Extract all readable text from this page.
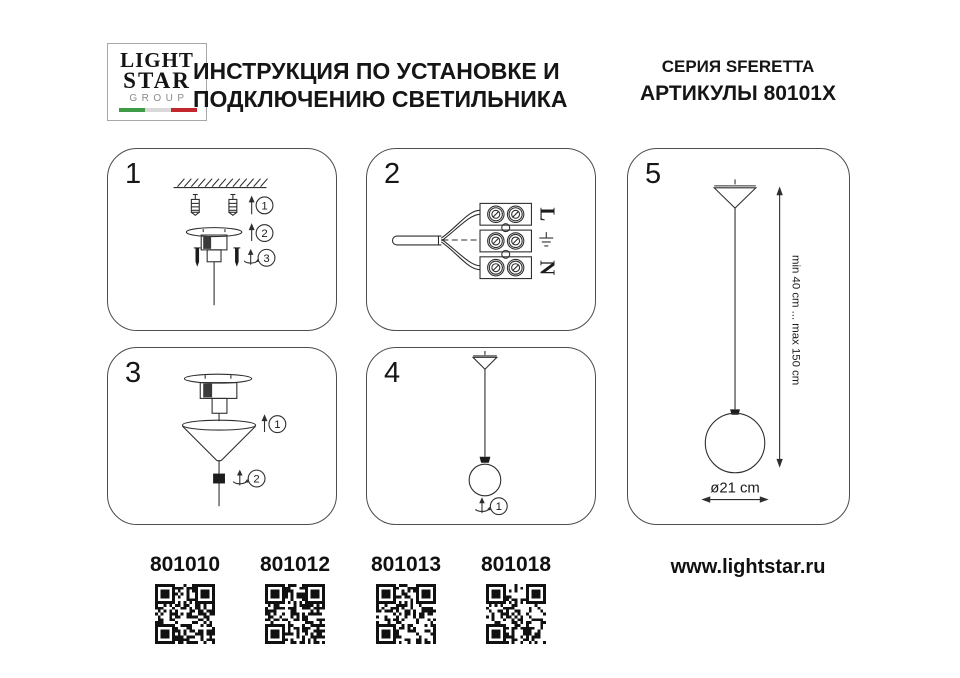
LIGHT
STAR
GROUP
ИНСТРУКЦИЯ ПО УСТАНОВКЕ И
ПОДКЛЮЧЕНИЮ СВЕТИЛЬНИКА
СЕРИЯ SFERETTA
АРТИКУЛЫ 80101X
1
1
2
3
2
L
N
3
1
2
4
1
5
min 40 cm ... max 150 cm
ø21 cm
801010	801012	801013	801018	www.lightstar.ru
